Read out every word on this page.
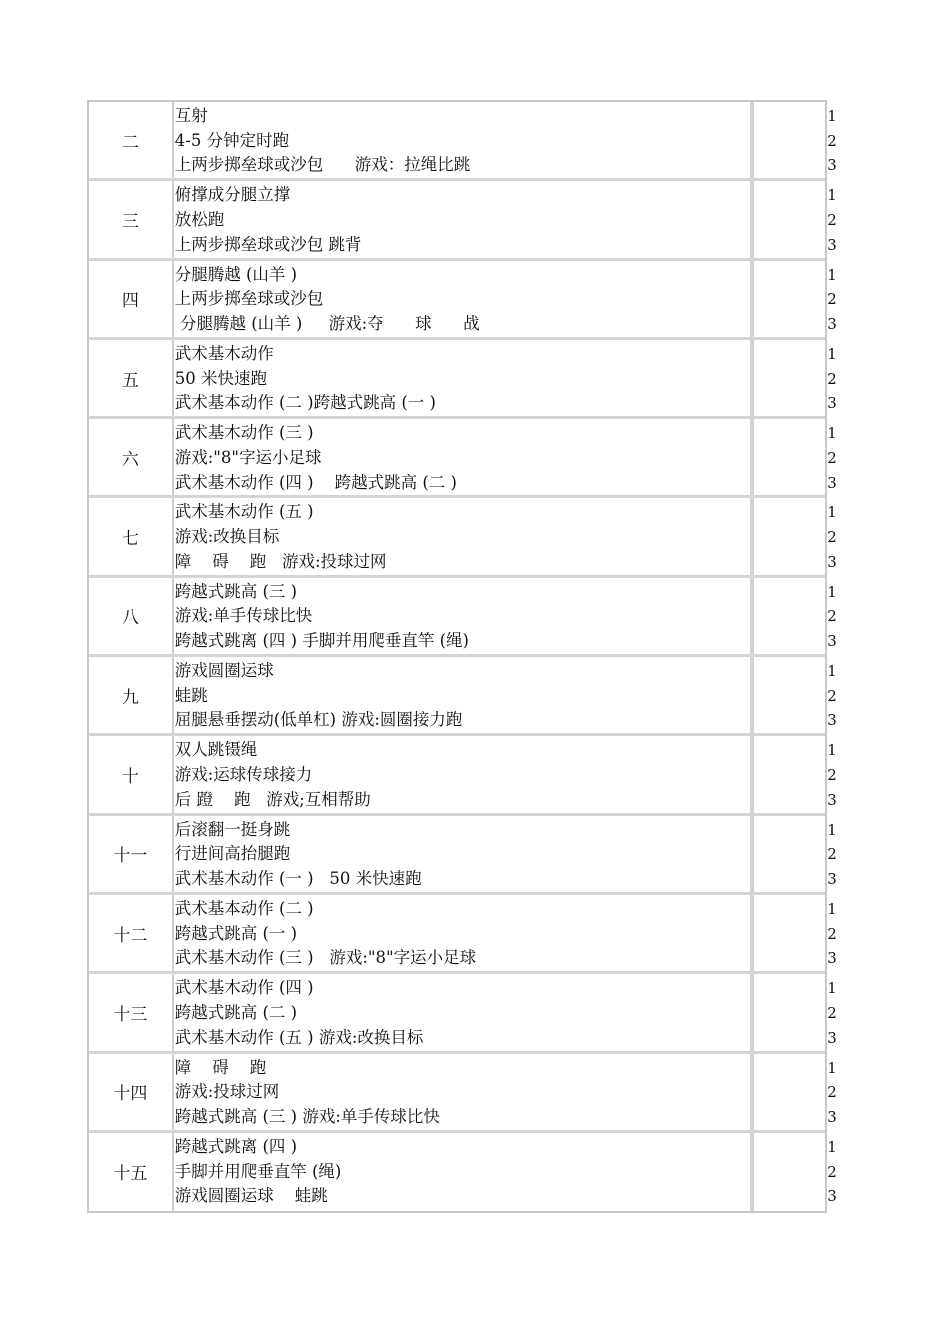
二
互射
4-5 分钟定时跑
上两步掷垒球或沙包      游戏：拉绳比跳
1
2
3
三
俯撑成分腿立撑
放松跑
上两步掷垒球或沙包 跳背
1
2
3
四
分腿腾越 (山羊 )
上两步掷垒球或沙包
分腿腾越 (山羊 )     游戏:夺      球      战
1
2
3
五
武术基木动作
50 米快速跑
武术基本动作 (二 )跨越式跳高 (一 )
1
2
3
六
武术基木动作 (三 )
游戏:"8"字运小足球
武术基木动作 (四 )    跨越式跳高 (二 )
1
2
3
七
武术基木动作 (五 )
游戏:改换目标
障    碍    跑   游戏:投球过网
1
2
3
八
跨越式跳高 (三 )
游戏:单手传球比快
跨越式跳离 (四 ) 手脚并用爬垂直竿 (绳)
1
2
3
九
游戏圆圈运球
蛙跳
屈腿悬垂摆动(低单杠) 游戏:圆圈接力跑
1
2
3
十
双人跳镊绳
游戏:运球传球接力
后 蹬    跑   游戏;互相帮助
1
2
3
十一
后滚翻一挺身跳
行进间高抬腿跑
武术基木动作 (一 )   50 米快速跑
1
2
3
十二
武术基本动作 (二 )
跨越式跳高 (一 )
武术基木动作 (三 )   游戏:"8"字运小足球
1
2
3
十三
武术基木动作 (四 )
跨越式跳高 (二 )
武术基木动作 (五 ) 游戏:改换目标
1
2
3
十四
障    碍    跑
游戏:投球过网
跨越式跳高 (三 ) 游戏:单手传球比快
1
2
3
十五
跨越式跳离 (四 )
手脚并用爬垂直竿 (绳)
游戏圆圈运球    蛙跳
1
2
3
